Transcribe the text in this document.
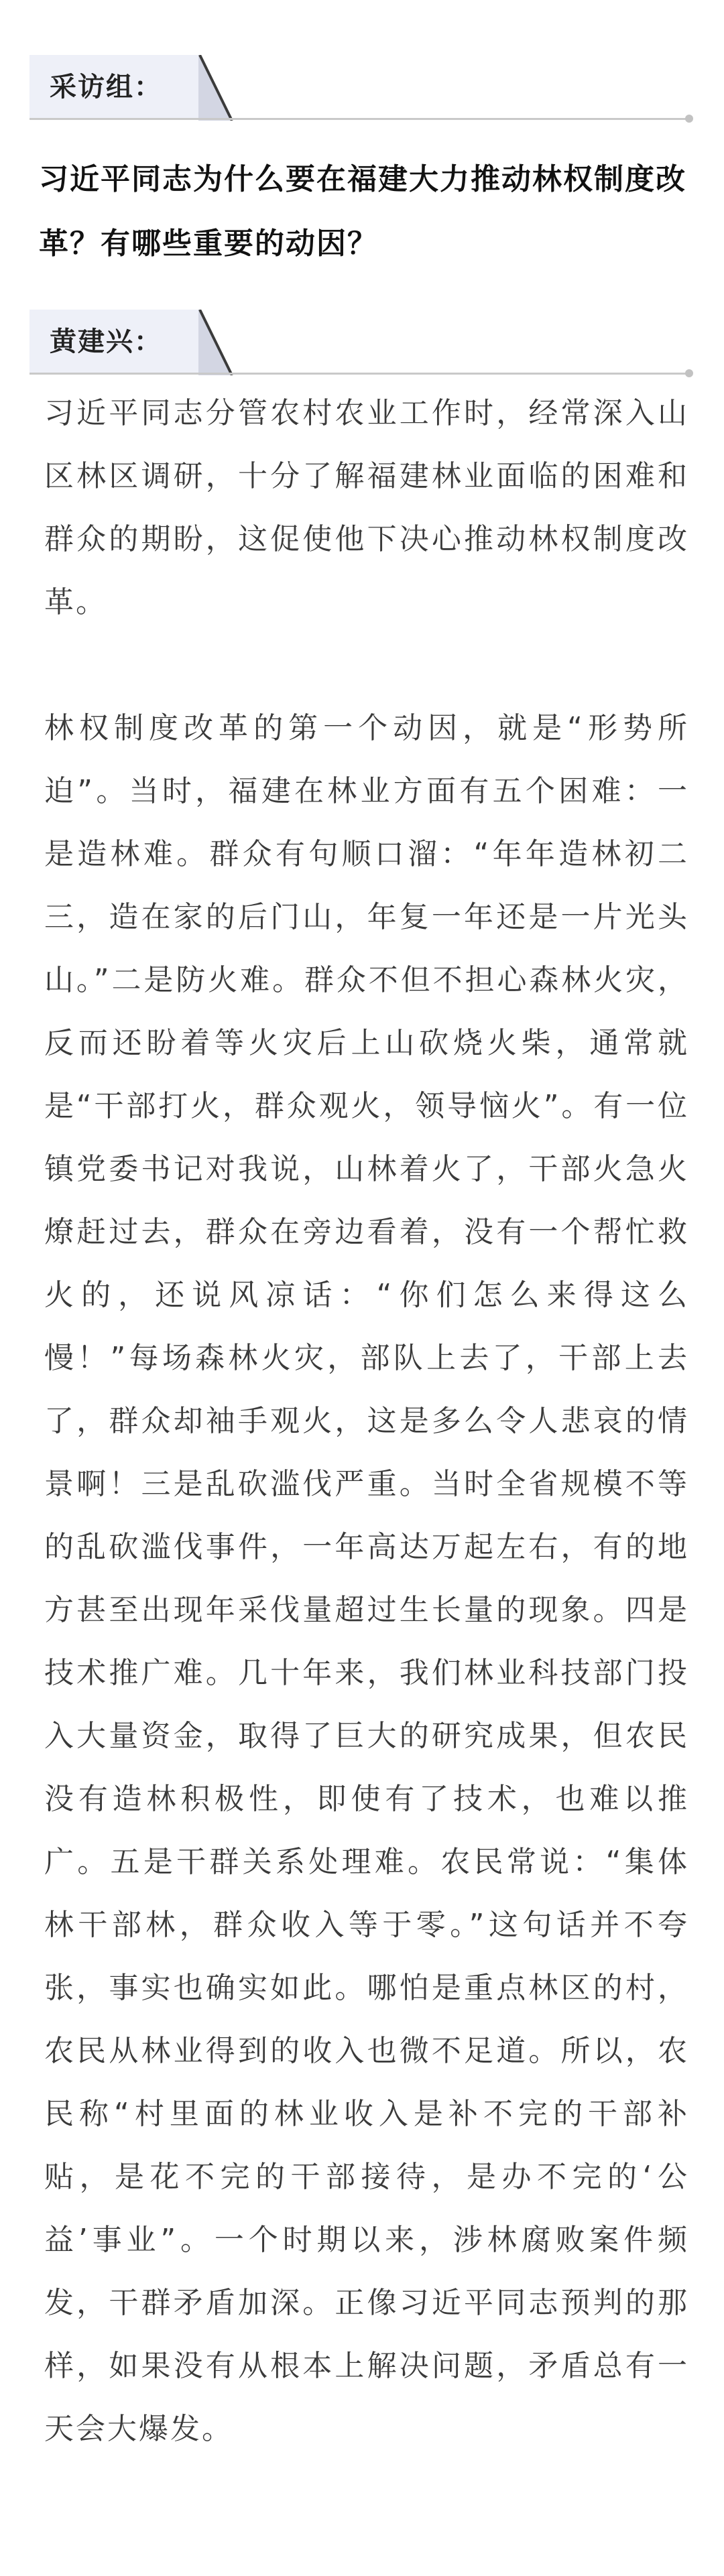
采访组：
习近平同志为什么要在福建大力推动林权制度改革？有哪些重要的动因？
黄建兴：

习近平同志分管农村农业工作时，经常深入山区林区调研，十分了解福建林业面临的困难和群众的期盼，这促使他下决心推动林权制度改革。

林权制度改革的第一个动因，就是“形势所迫”。当时，福建在林业方面有五个困难：一是造林难。群众有句顺口溜：“年年造林初二三，造在家的后门山，年复一年还是一片光头山。”二是防火难。群众不但不担心森林火灾，反而还盼着等火灾后上山砍烧火柴，通常就是“干部打火，群众观火，领导恼火”。有一位镇党委书记对我说，山林着火了，干部火急火燎赶过去，群众在旁边看着，没有一个帮忙救火的，还说风凉话：“你们怎么来得这么慢！”每场森林火灾，部队上去了，干部上去了，群众却袖手观火，这是多么令人悲哀的情景啊！三是乱砍滥伐严重。当时全省规模不等的乱砍滥伐事件，一年高达万起左右，有的地方甚至出现年采伐量超过生长量的现象。四是技术推广难。几十年来，我们林业科技部门投入大量资金，取得了巨大的研究成果，但农民没有造林积极性，即使有了技术，也难以推广。五是干群关系处理难。农民常说：“集体林干部林，群众收入等于零。”这句话并不夸张，事实也确实如此。哪怕是重点林区的村，农民从林业得到的收入也微不足道。所以，农民称“村里面的林业收入是补不完的干部补贴，是花不完的干部接待，是办不完的‘公益’事业”。一个时期以来，涉林腐败案件频发，干群矛盾加深。正像习近平同志预判的那样，如果没有从根本上解决问题，矛盾总有一天会大爆发。
